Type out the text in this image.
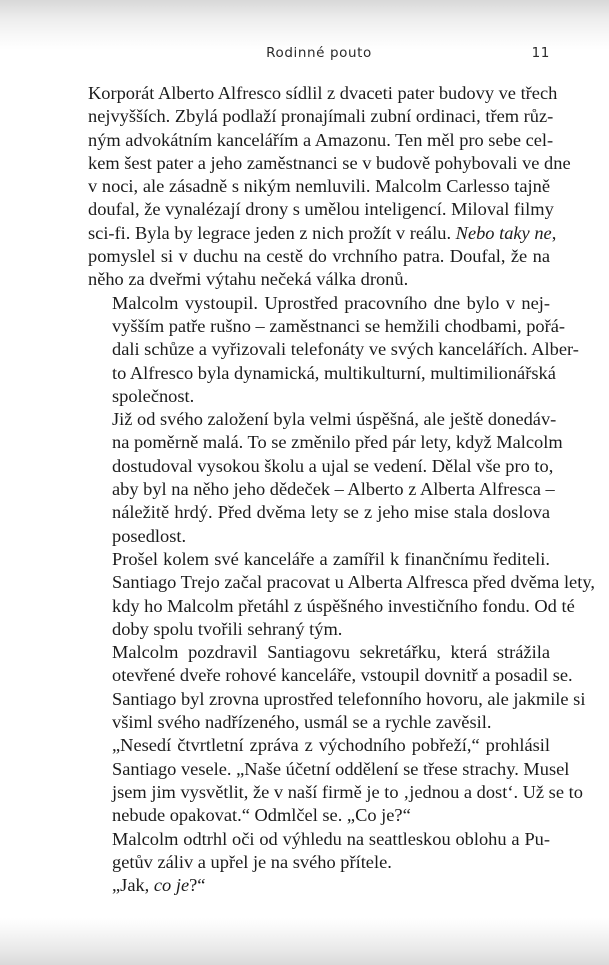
Rodinné pouto	11

Korporát Alberto Alfresco sídlil z dvaceti pater budovy ve třech
nejvyšších. Zbylá podlaží pronajímali zubní ordinaci, třem růz-
ným advokátním kancelářím a Amazonu. Ten měl pro sebe cel-
kem šest pater a jeho zaměstnanci se v budově pohybovali ve dne
v noci, ale zásadně s nikým nemluvili. Malcolm Carlesso tajně
doufal, že vynalézají drony s umělou inteligencí. Miloval filmy
sci-fi. Byla by legrace jeden z nich prožít v reálu. Nebo taky ne,
pomyslel si v duchu na cestě do vrchního patra. Doufal, že na
něho za dveřmi výtahu nečeká válka dronů.

Malcolm vystoupil. Uprostřed pracovního dne bylo v nej-
vyšším patře rušno – zaměstnanci se hemžili chodbami, pořá-
dali schůze a vyřizovali telefonáty ve svých kancelářích. Alber-
to Alfresco byla dynamická, multikulturní, multimilionářská
společnost.

Již od svého založení byla velmi úspěšná, ale ještě donedáv-
na poměrně malá. To se změnilo před pár lety, když Malcolm
dostudoval vysokou školu a ujal se vedení. Dělal vše pro to,
aby byl na něho jeho dědeček – Alberto z Alberta Alfresca –
náležitě hrdý. Před dvěma lety se z jeho mise stala doslova
posedlost.

Prošel kolem své kanceláře a zamířil k finančnímu řediteli.
Santiago Trejo začal pracovat u Alberta Alfresca před dvěma lety,
kdy ho Malcolm přetáhl z úspěšného investičního fondu. Od té
doby spolu tvořili sehraný tým.

Malcolm pozdravil Santiagovu sekretářku, která strážila
otevřené dveře rohové kanceláře, vstoupil dovnitř a posadil se.
Santiago byl zrovna uprostřed telefonního hovoru, ale jakmile si
všiml svého nadřízeného, usmál se a rychle zavěsil.

„Nesedí čtvrtletní zpráva z východního pobřeží,“ prohlásil
Santiago vesele. „Naše účetní oddělení se třese strachy. Musel
jsem jim vysvětlit, že v naší firmě je to ‚jednou a dost‘. Už se to
nebude opakovat.“ Odmlčel se. „Co je?“

Malcolm odtrhl oči od výhledu na seattleskou oblohu a Pu-
getův záliv a upřel je na svého přítele.

„Jak, co je?“
